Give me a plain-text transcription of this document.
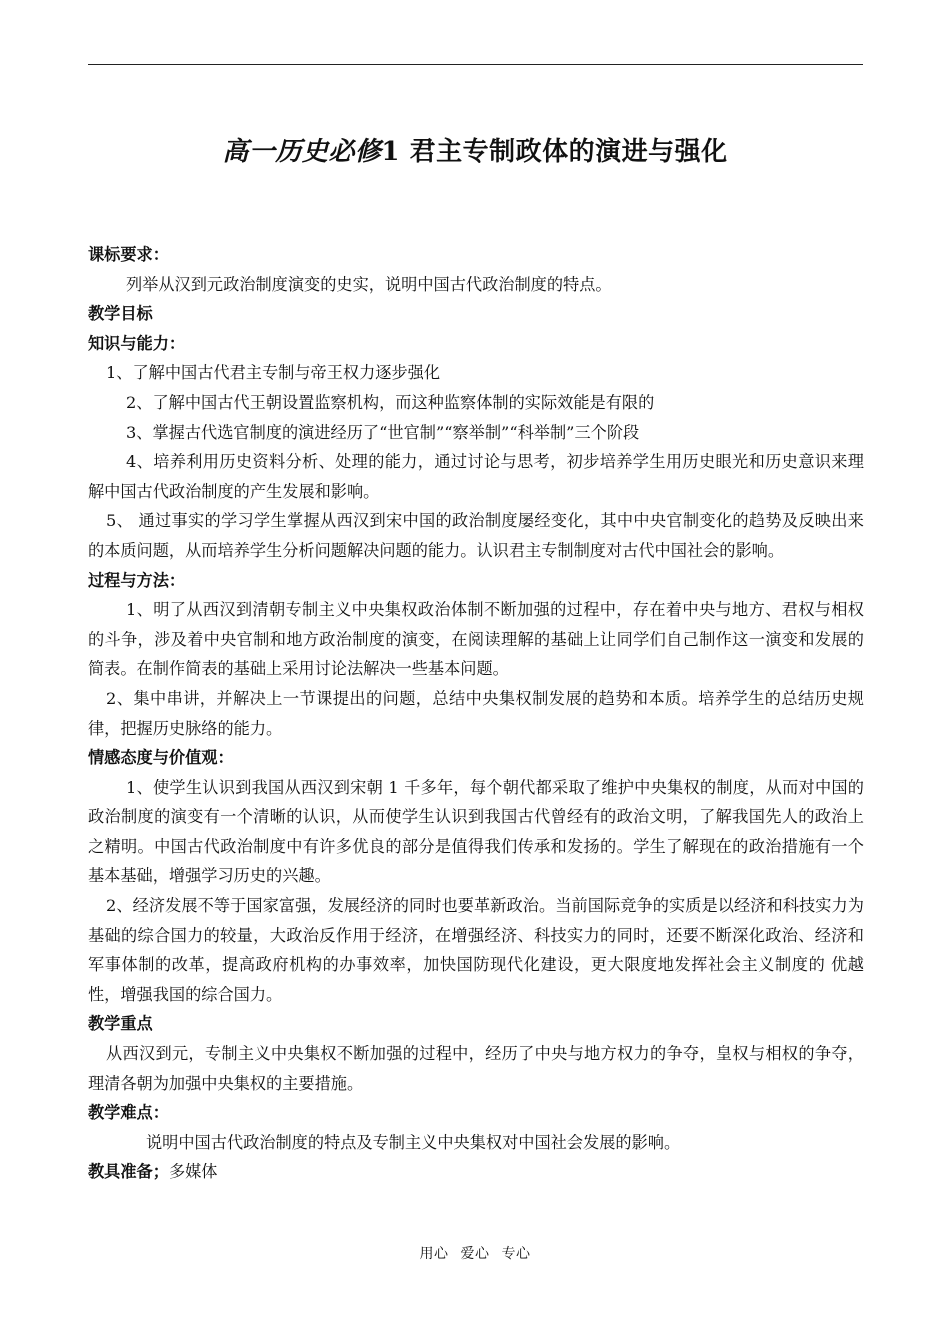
高一历史必修1 君主专制政体的演进与强化

课标要求：

列举从汉到元政治制度演变的史实，说明中国古代政治制度的特点。

教学目标

知识与能力：

1、了解中国古代君主专制与帝王权力逐步强化

2、了解中国古代王朝设置监察机构，而这种监察体制的实际效能是有限的

3、掌握古代选官制度的演进经历了“世官制”“察举制”“科举制”三个阶段

4、培养利用历史资料分析、处理的能力，通过讨论与思考，初步培养学生用历史眼光和历史意识来理解中国古代政治制度的产生发展和影响。

5、 通过事实的学习学生掌握从西汉到宋中国的政治制度屡经变化，其中中央官制变化的趋势及反映出来的本质问题，从而培养学生分析问题解决问题的能力。认识君主专制制度对古代中国社会的影响。

过程与方法：

1、明了从西汉到清朝专制主义中央集权政治体制不断加强的过程中，存在着中央与地方、君权与相权的斗争，涉及着中央官制和地方政治制度的演变，在阅读理解的基础上让同学们自己制作这一演变和发展的简表。在制作简表的基础上采用讨论法解决一些基本问题。

2、集中串讲，并解决上一节课提出的问题，总结中央集权制发展的趋势和本质。培养学生的总结历史规律，把握历史脉络的能力。

情感态度与价值观：

1、使学生认识到我国从西汉到宋朝 1 千多年，每个朝代都采取了维护中央集权的制度，从而对中国的政治制度的演变有一个清晰的认识，从而使学生认识到我国古代曾经有的政治文明，了解我国先人的政治上之精明。中国古代政治制度中有许多优良的部分是值得我们传承和发扬的。学生了解现在的政治措施有一个基本基础，增强学习历史的兴趣。

2、经济发展不等于国家富强，发展经济的同时也要革新政治。当前国际竞争的实质是以经济和科技实力为基础的综合国力的较量，大政治反作用于经济，在增强经济、科技实力的同时，还要不断深化政治、经济和军事体制的改革，提高政府机构的办事效率，加快国防现代化建设，更大限度地发挥社会主义制度的 优越性，增强我国的综合国力。

教学重点

从西汉到元，专制主义中央集权不断加强的过程中，经历了中央与地方权力的争夺，皇权与相权的争夺，理清各朝为加强中央集权的主要措施。

教学难点：

说明中国古代政治制度的特点及专制主义中央集权对中国社会发展的影响。

教具准备；多媒体

用心 爱心 专心
